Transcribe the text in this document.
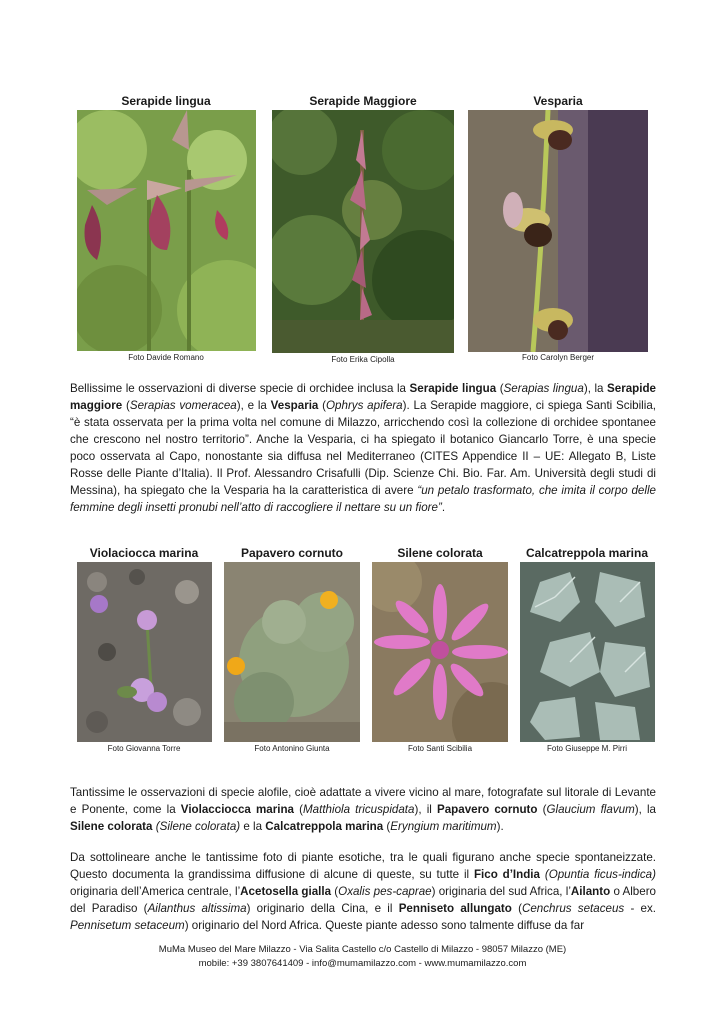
Serapide lingua
Foto Davide Romano
Serapide Maggiore
Foto Erika Cipolla
Vesparia
Foto Carolyn Berger

Bellissime le osservazioni di diverse specie di orchidee inclusa la Serapide lingua (Serapias lingua), la Serapide maggiore (Serapias vomeracea), e la Vesparia (Ophrys apifera). La Serapide maggiore, ci spiega Santi Scibilia, “è stata osservata per la prima volta nel comune di Milazzo, arricchendo così la collezione di orchidee spontanee che crescono nel nostro territorio”. Anche la Vesparia, ci ha spiegato il botanico Giancarlo Torre, è una specie poco osservata al Capo, nonostante sia diffusa nel Mediterraneo (CITES Appendice II – UE: Allegato B, Liste Rosse delle Piante d’Italia). Il Prof. Alessandro Crisafulli (Dip. Scienze Chi. Bio. Far. Am. Università degli studi di Messina), ha spiegato che la Vesparia ha la caratteristica di avere “un petalo trasformato, che imita il corpo delle femmine degli insetti pronubi nell’atto di raccogliere il nettare su un fiore”.

Violaciocca marina
Foto Giovanna Torre
Papavero cornuto
Foto Antonino Giunta
Silene colorata
Foto Santi Scibilia
Calcatreppola marina
Foto Giuseppe M. Pirri

Tantissime le osservazioni di specie alofile, cioè adattate a vivere vicino al mare, fotografate sul litorale di Levante e Ponente, come la Violacciocca marina (Matthiola tricuspidata), il Papavero cornuto (Glaucium flavum), la Silene colorata (Silene colorata) e la Calcatreppola marina (Eryngium maritimum).

Da sottolineare anche le tantissime foto di piante esotiche, tra le quali figurano anche specie spontaneizzate. Questo documenta la grandissima diffusione di alcune di queste, su tutte il Fico d’India (Opuntia ficus-indica) originaria dell’America centrale, l’Acetosella gialla (Oxalis pes-caprae) originaria del sud Africa, l’Ailanto o Albero del Paradiso (Ailanthus altissima) originario della Cina, e il Penniseto allungato (Cenchrus setaceus - ex. Pennisetum setaceum) originario del Nord Africa. Queste piante adesso sono talmente diffuse da far

MuMa Museo del Mare Milazzo - Via Salita Castello c/o Castello di Milazzo - 98057 Milazzo (ME)
mobile: +39 3807641409 - info@mumamilazzo.com - www.mumamilazzo.com
